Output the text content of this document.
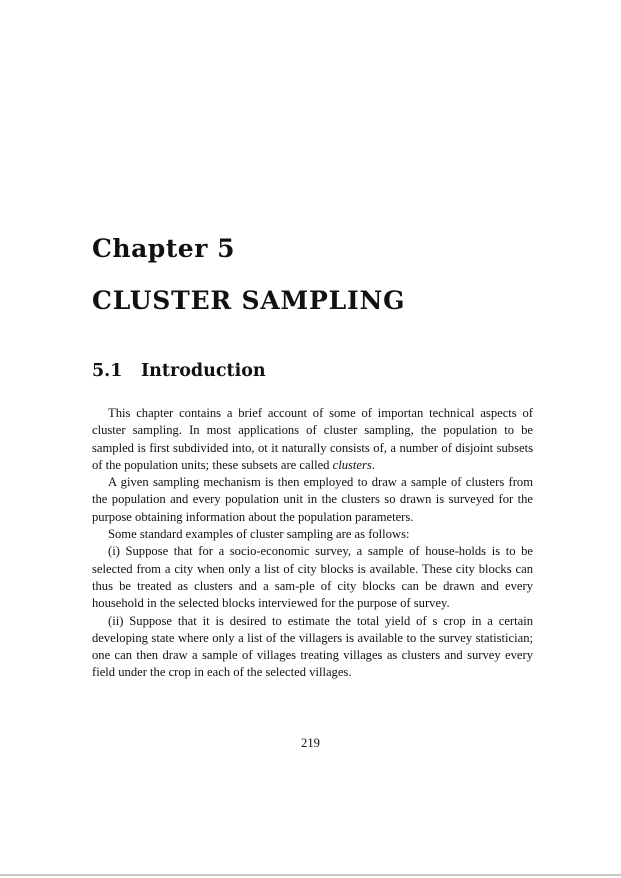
Chapter 5
CLUSTER SAMPLING
5.1 Introduction

This chapter contains a brief account of some of importan technical aspects of cluster sampling. In most applications of cluster sampling, the population to be sampled is first subdivided into, ot it naturally consists of, a number of disjoint subsets of the population units; these subsets are called clusters.

A given sampling mechanism is then employed to draw a sample of clusters from the population and every population unit in the clusters so drawn is surveyed for the purpose obtaining information about the population parameters.

Some standard examples of cluster sampling are as follows:

(i) Suppose that for a socio-economic survey, a sample of house-holds is to be selected from a city when only a list of city blocks is available. These city blocks can thus be treated as clusters and a sam-ple of city blocks can be drawn and every household in the selected blocks interviewed for the purpose of survey.

(ii) Suppose that it is desired to estimate the total yield of s crop in a certain developing state where only a list of the villagers is available to the survey statistician; one can then draw a sample of villages treating villages as clusters and survey every field under the crop in each of the selected villages.

219
